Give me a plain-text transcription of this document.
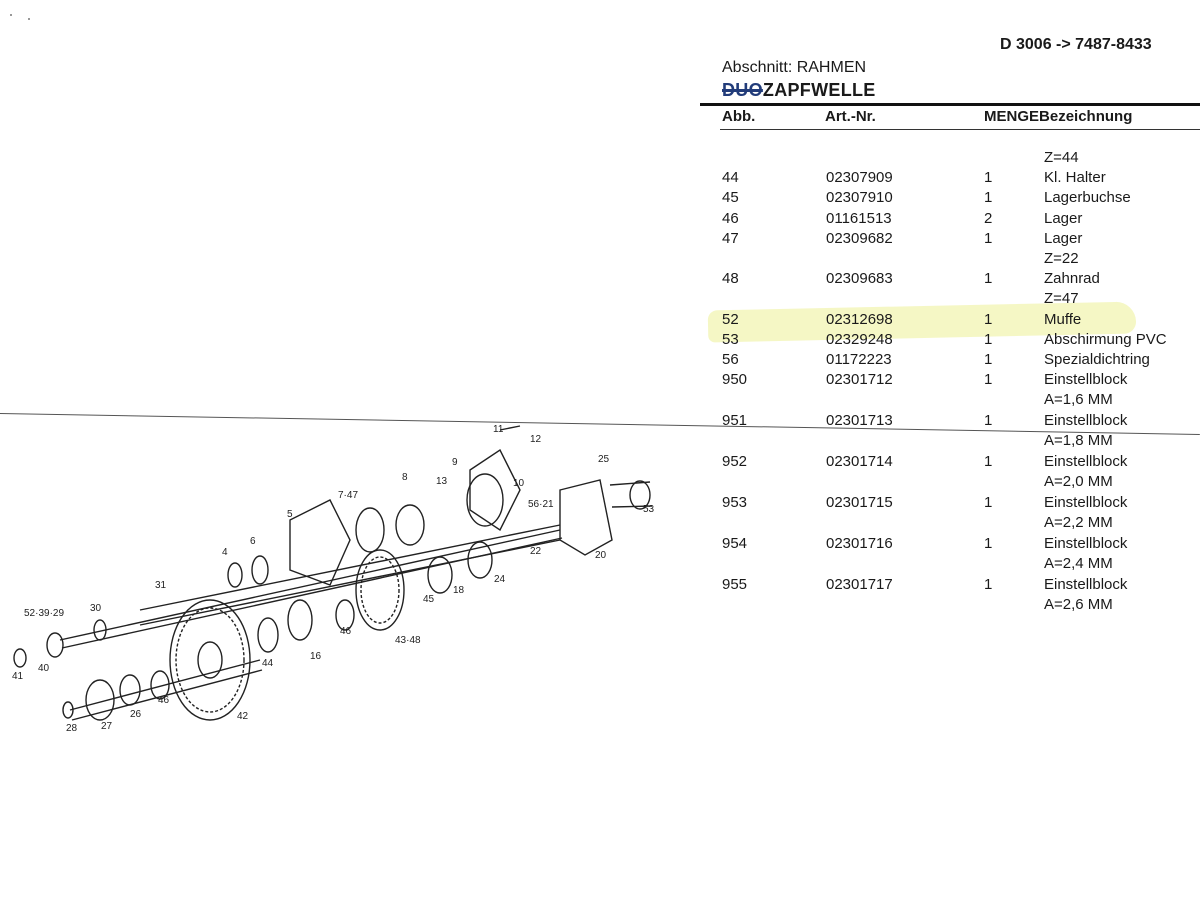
D 3006 -> 7487-8433
Abschnitt: RAHMEN
DUOZAPFWELLE
Abb.	Art.-Nr.	MENGEBezeichnung
Z=44
44	02307909	1	Kl. Halter
45	02307910	1	Lagerbuchse
46	01161513	2	Lager
47	02309682	1	Lager
Z=22
48	02309683	1	Zahnrad
Z=47
52	02312698	1	Muffe
53	02329248	1	Abschirmung PVC
56	01172223	1	Spezialdichtring
950	02301712	1	Einstellblock
A=1,6 MM
951	02301713	1	Einstellblock
A=1,8 MM
952	02301714	1	Einstellblock
A=2,0 MM
953	02301715	1	Einstellblock
A=2,2 MM
954	02301716	1	Einstellblock
A=2,4 MM
955	02301717	1	Einstellblock
A=2,6 MM
11
12
9
10
25
53
8	13
7·47
56·21
5
22	20
6
4
24
31
45
18
30
52·39·29
46
43·48
41
40	44
16
28 27
26
46
42
